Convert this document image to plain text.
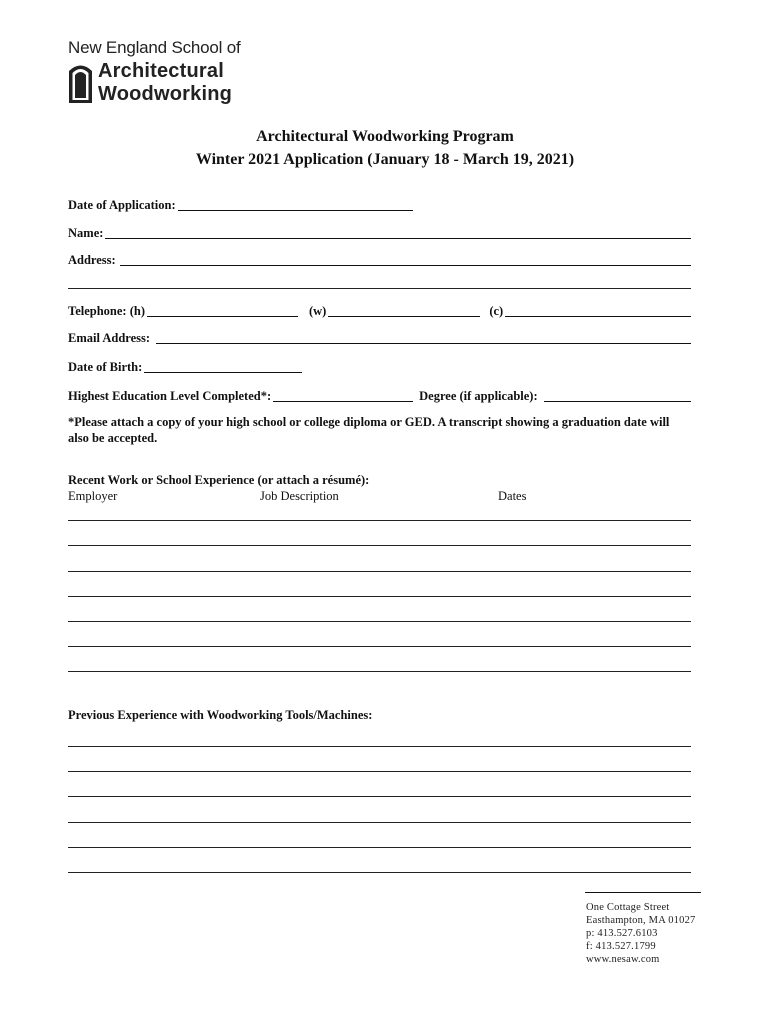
New England School of
Architectural
Woodworking
Architectural Woodworking Program
Winter 2021 Application (January 18 - March 19, 2021)
Date of Application:
Name:
Address:
Telephone: (h)	(w)	(c)
Email Address:
Date of Birth:
Highest Education Level Completed*:	Degree (if applicable):
*Please attach a copy of your high school or college diploma or GED. A transcript showing a graduation date will also be accepted.
Recent Work or School Experience (or attach a résumé):
Employer	Job Description	Dates
Previous Experience with Woodworking Tools/Machines:
One Cottage Street
Easthampton, MA 01027
p: 413.527.6103
f: 413.527.1799
www.nesaw.com
